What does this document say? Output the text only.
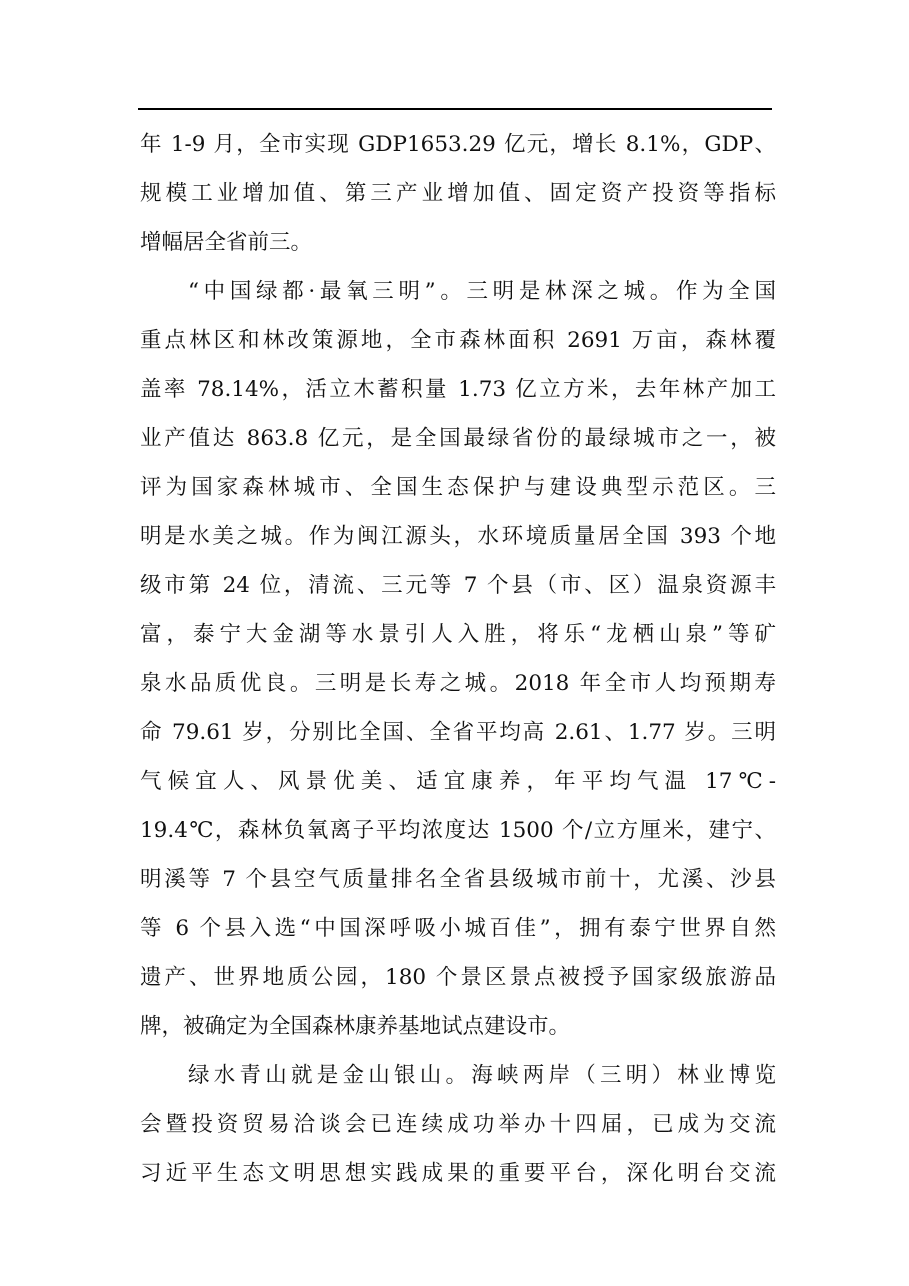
年 1-9 月，全市实现 GDP1653.29 亿元，增长 8.1%，GDP、
规模工业增加值、第三产业增加值、固定资产投资等指标
增幅居全省前三。
“中国绿都·最氧三明”。三明是林深之城。作为全国
重点林区和林改策源地，全市森林面积 2691 万亩，森林覆
盖率 78.14%，活立木蓄积量 1.73 亿立方米，去年林产加工
业产值达 863.8 亿元，是全国最绿省份的最绿城市之一，被
评为国家森林城市、全国生态保护与建设典型示范区。三
明是水美之城。作为闽江源头，水环境质量居全国 393 个地
级市第 24 位，清流、三元等 7 个县（市、区）温泉资源丰
富，泰宁大金湖等水景引人入胜，将乐“龙栖山泉”等矿
泉水品质优良。三明是长寿之城。2018 年全市人均预期寿
命 79.61 岁，分别比全国、全省平均高 2.61、1.77 岁。三明
气候宜人、风景优美、适宜康养，年平均气温 17℃-
19.4℃，森林负氧离子平均浓度达 1500 个/立方厘米，建宁、
明溪等 7 个县空气质量排名全省县级城市前十，尤溪、沙县
等 6 个县入选“中国深呼吸小城百佳”，拥有泰宁世界自然
遗产、世界地质公园，180 个景区景点被授予国家级旅游品
牌，被确定为全国森林康养基地试点建设市。
绿水青山就是金山银山。海峡两岸（三明）林业博览
会暨投资贸易洽谈会已连续成功举办十四届，已成为交流
习近平生态文明思想实践成果的重要平台，深化明台交流
